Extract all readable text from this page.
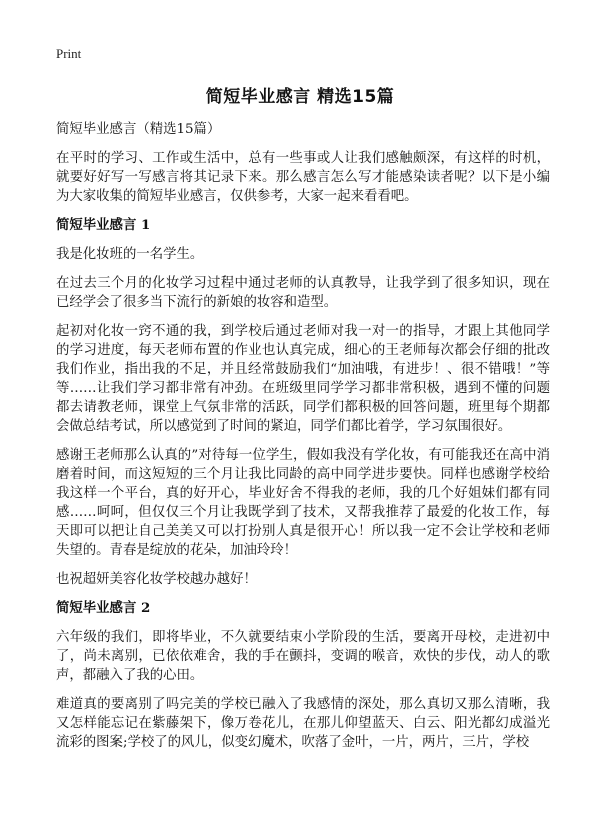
Print
简短毕业感言 精选15篇
简短毕业感言（精选15篇）
在平时的学习、工作或生活中，总有一些事或人让我们感触颇深，有这样的时机，就要好好写一写感言将其记录下来。那么感言怎么写才能感染读者呢？以下是小编为大家收集的简短毕业感言，仅供参考，大家一起来看看吧。
简短毕业感言 1
我是化妆班的一名学生。
在过去三个月的化妆学习过程中通过老师的认真教导，让我学到了很多知识，现在已经学会了很多当下流行的新娘的妆容和造型。
起初对化妆一窍不通的我，到学校后通过老师对我一对一的指导，才跟上其他同学的学习进度，每天老师布置的作业也认真完成，细心的王老师每次都会仔细的批改我们作业，指出我的不足，并且经常鼓励我们“加油哦，有进步！、很不错哦！”等等……让我们学习都非常有冲劲。在班级里同学学习都非常积极，遇到不懂的问题都去请教老师，课堂上气氛非常的活跃，同学们都积极的回答问题，班里每个期都会做总结考试，所以感觉到了时间的紧迫，同学们都比着学，学习氛围很好。
感谢王老师那么认真的”对待每一位学生，假如我没有学化妆，有可能我还在高中消磨着时间，而这短短的三个月让我比同龄的高中同学进步要快。同样也感谢学校给我这样一个平台，真的好开心，毕业好舍不得我的老师，我的几个好姐妹们都有同感……呵呵，但仅仅三个月让我既学到了技术，又帮我推荐了最爱的化妆工作，每天即可以把让自己美美又可以打扮别人真是很开心！所以我一定不会让学校和老师失望的。青春是绽放的花朵，加油玲玲！
也祝超妍美容化妆学校越办越好！
简短毕业感言 2
六年级的我们，即将毕业，不久就要结束小学阶段的生活，要离开母校，走进初中了，尚未离别，已依依难舍，我的手在颤抖，变调的喉音，欢快的步伐，动人的歌声，都融入了我的心田。
难道真的要离别了吗完美的学校已融入了我感情的深处，那么真切又那么清晰，我又怎样能忘记在紫藤架下，像万卷花儿，在那儿仰望蓝天、白云、阳光都幻成溢光流彩的图案;学校了的风儿，似变幻魔术，吹落了金叶，一片，两片，三片，学校
